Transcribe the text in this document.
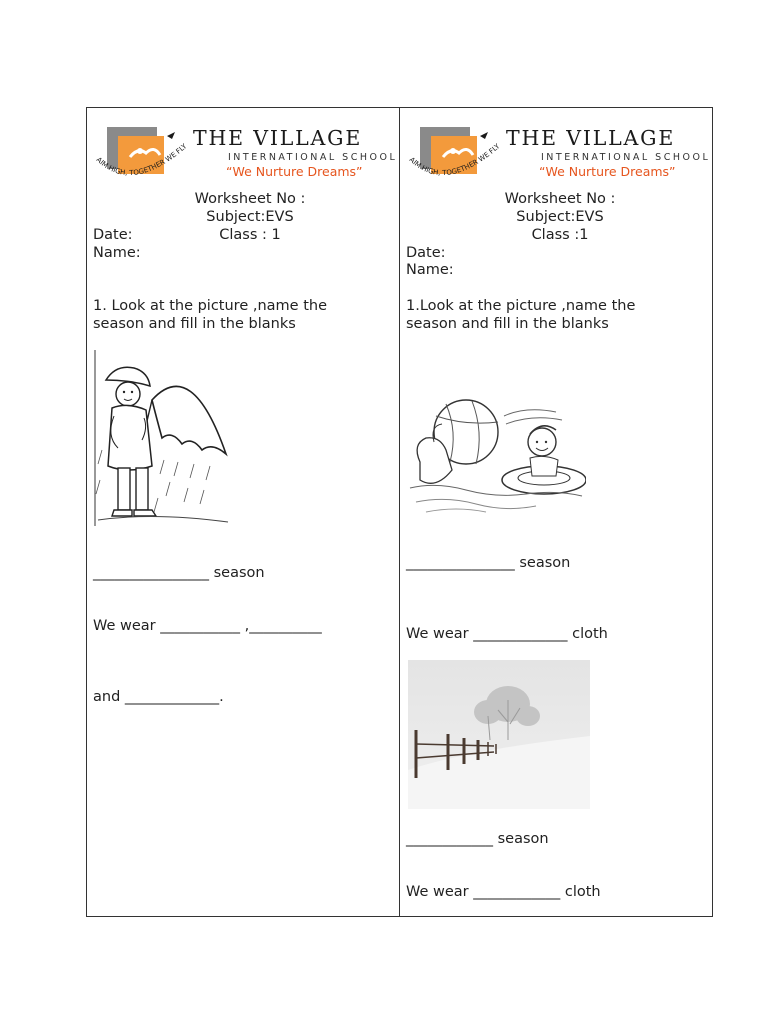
AIM HIGH, TOGETHER WE FLY THE VILLAGE
INTERNATIONAL SCHOOL
“We Nurture Dreams”
AIM HIGH, TOGETHER WE FLY THE VILLAGE
INTERNATIONAL SCHOOL
“We Nurture Dreams”
Worksheet No :
Subject:EVS
Date:	Class : 1
Name:
1. Look at the picture ,name the
season and fill in the blanks
________________ season
We wear ___________ ,__________
and _____________.
Worksheet No :
Subject:EVS
Class :1
Date:
Name:
1.Look at the picture ,name the
season and fill in the blanks
_______________ season
We wear _____________ cloth
____________ season
We wear ____________ cloth
